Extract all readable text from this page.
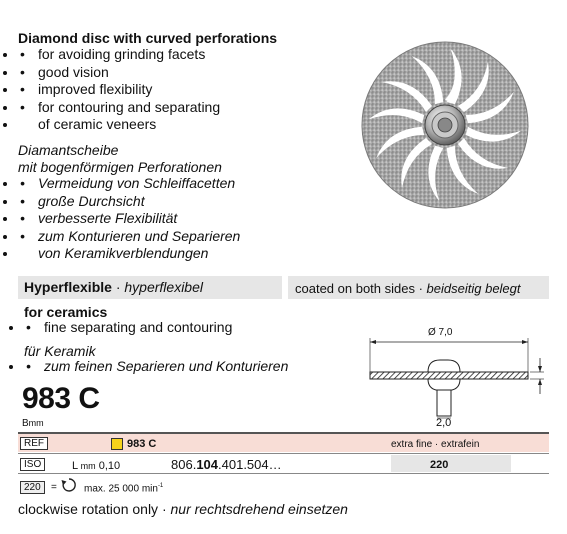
Diamond disc with curved perforations
• • for avoiding grinding facets
• • good vision
• • improved flexibility
• • for contouring and separating
• of ceramic veneers
Diamantscheibe
mit bogenförmigen Perforationen
• • Vermeidung von Schleiffacetten
• • große Durchsicht
• • verbesserte Flexibilität
• • zum Konturieren und Separieren
• von Keramikverblendungen
Hyperflexible · hyperflexibel	coated on both sides · beidseitig belegt
for ceramics
• • fine separating and contouring
für Keramik
• • zum feinen Separieren und Konturieren
Ø 7,0
983 C
Bmm	2,0
REF	983 C	extra fine · extrafein
ISO	L mm 0,10	806.104.401.504…	220
220	=	max. 25 000 $\min^{-1}$
clockwise rotation only · nur rechtsdrehend einsetzen
